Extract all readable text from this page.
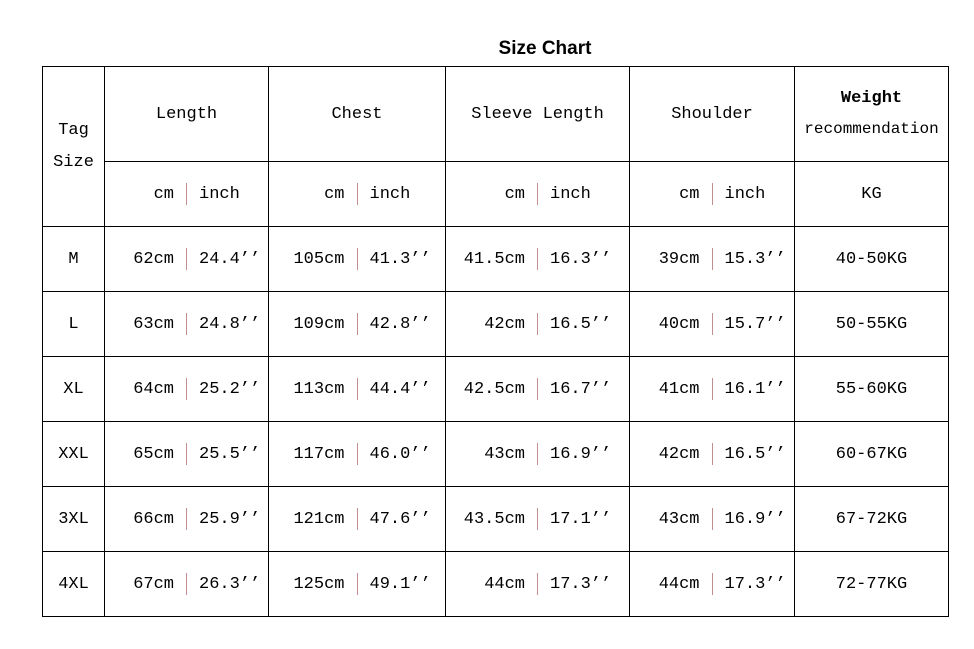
Size Chart
Tag
Size	Length	Chest	Sleeve Length	Shoulder	Weight
recommendation

	cm inch	cm inch	cm inch	cm inch	KG
M	62cm 24.4’’	105cm 41.3’’	41.5cm 16.3’’	39cm 15.3’’	40-50KG
L	63cm 24.8’’	109cm 42.8’’	42cm 16.5’’	40cm 15.7’’	50-55KG
XL	64cm 25.2’’	113cm 44.4’’	42.5cm 16.7’’	41cm 16.1’’	55-60KG
XXL	65cm 25.5’’	117cm 46.0’’	43cm 16.9’’	42cm 16.5’’	60-67KG
3XL	66cm 25.9’’	121cm 47.6’’	43.5cm 17.1’’	43cm 16.9’’	67-72KG
4XL	67cm 26.3’’	125cm 49.1’’	44cm 17.3’’	44cm 17.3’’	72-77KG
